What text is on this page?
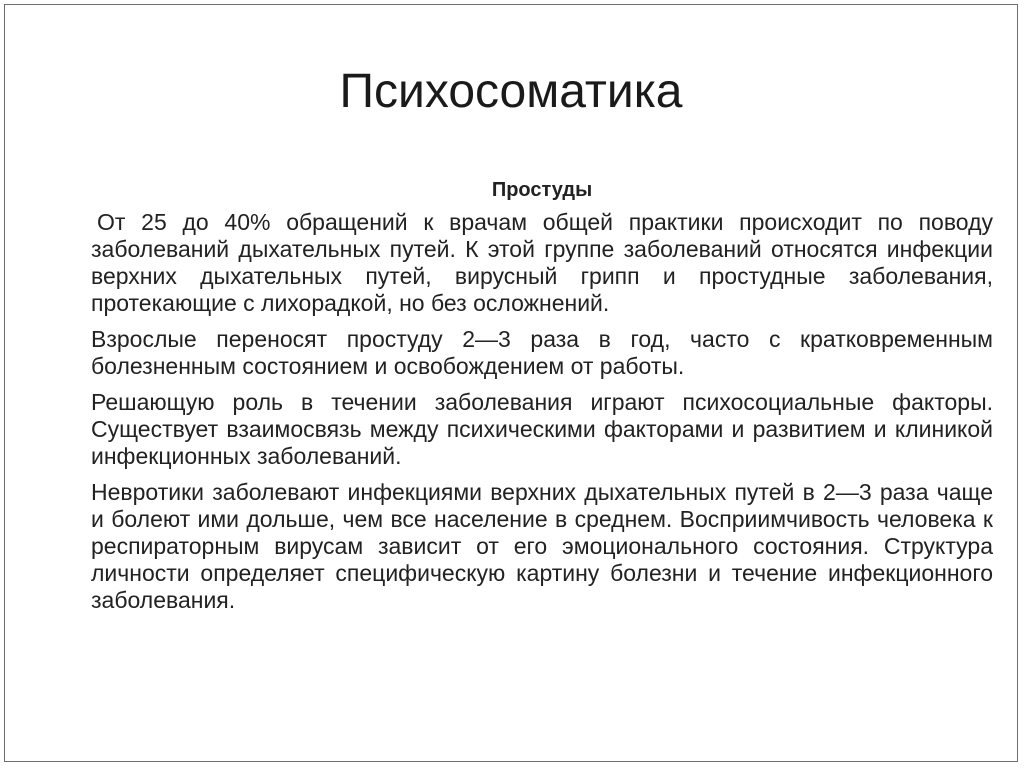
Психосоматика
Простуды

От 25 до 40% обращений к врачам общей практики происходит по поводу заболеваний дыхательных путей. К этой группе заболеваний относятся инфекции верхних дыхательных путей, вирусный грипп и простудные заболевания, протекающие с лихорадкой, но без осложнений.

Взрослые переносят простуду 2—3 раза в год, часто с кратковременным болезненным состоянием и освобождением от работы.

Решающую роль в течении заболевания играют психосоциальные факторы. Существует взаимосвязь между психическими факторами и развитием и клиникой инфекционных заболеваний.

Невротики заболевают инфекциями верхних дыхательных путей в 2—3 раза чаще и болеют ими дольше, чем все население в среднем. Восприимчивость человека к респираторным вирусам зависит от его эмоционального состояния. Структура личности определяет специфическую картину болезни и течение инфекционного заболевания.
